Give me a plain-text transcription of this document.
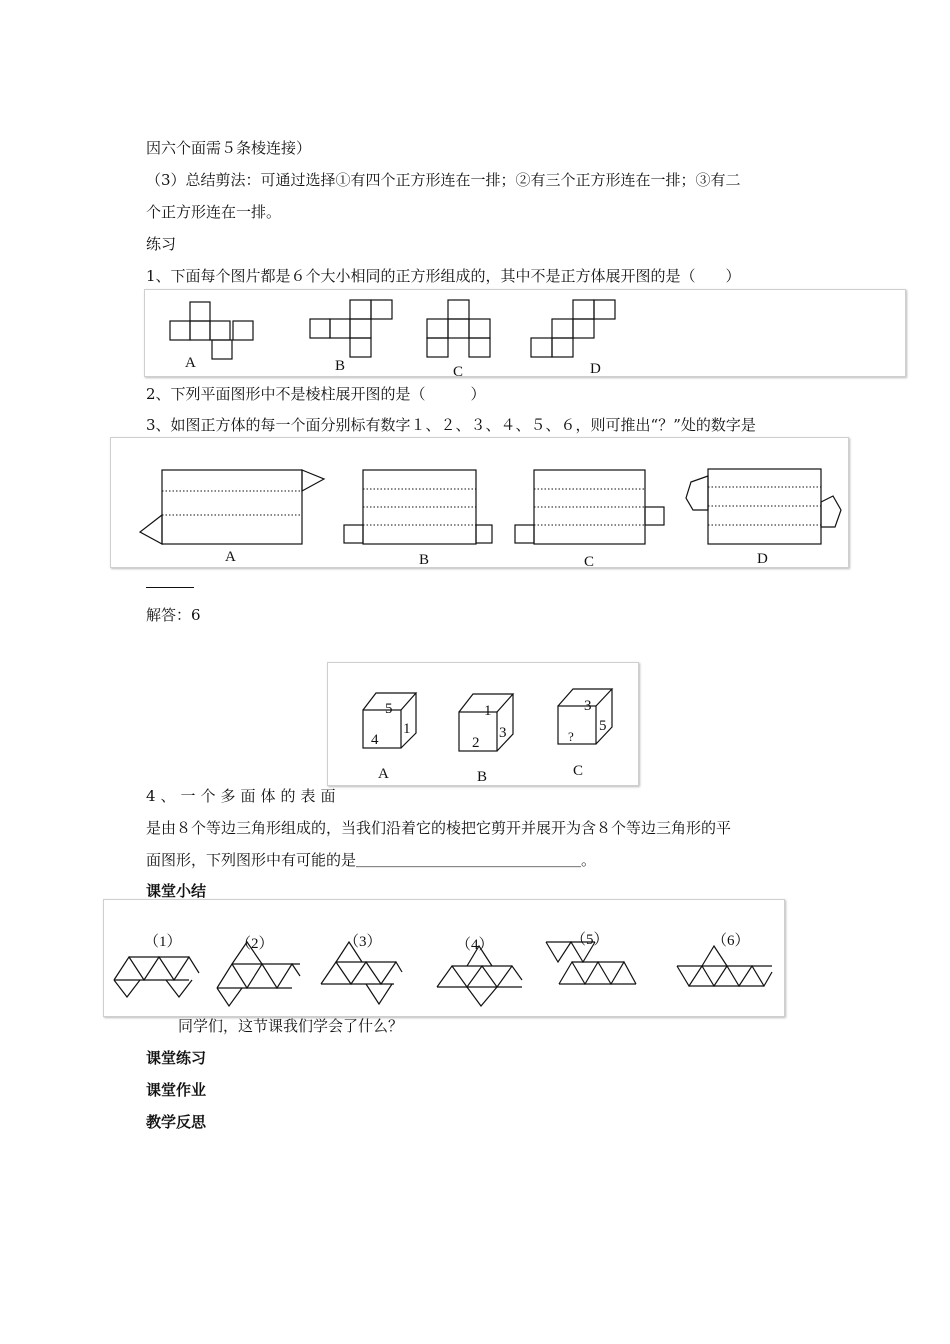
因六个面需５条棱连接）
（3）总结剪法：可通过选择①有四个正方形连在一排；②有三个正方形连在一排；③有二
个正方形连在一排。
练习
1、下面每个图片都是６个大小相同的正方形组成的，其中不是正方体展开图的是（　　）
A	B	C	D
2、下列平面图形中不是棱柱展开图的是（　　　）
3、如图正方体的每一个面分别标有数字１、２、３、４、５、６，则可推出“？”处的数字是
A	B	C	D
解答：6
5
4
1
1
2
3
3
?
5
A	B	C
4、一个多面体的表面
是由８个等边三角形组成的，当我们沿着它的棱把它剪开并展开为含８个等边三角形的平
面图形，下列图形中有可能的是＿＿＿＿＿＿＿＿＿＿＿＿＿＿＿。
课堂小结
（1）	（2）	（3）	（4）	（5）	（6）
同学们，这节课我们学会了什么？
课堂练习
课堂作业
教学反思
